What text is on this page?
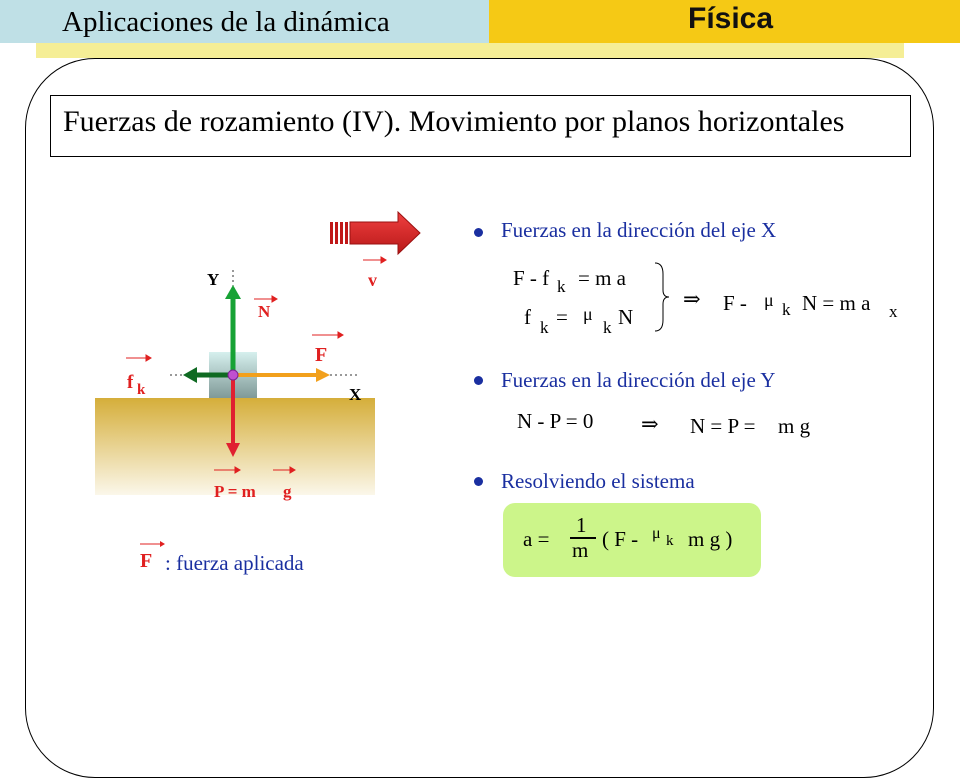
Aplicaciones de la dinámica	Física
Fuerzas de rozamiento (IV). Movimiento por planos horizontales
Y
X
v
N
F
f k
P = m g
F : fuerza aplicada
Fuerzas en la dirección del eje X
F - f k = m a
f k = μ
k N
⇒ F - μ k N = m a x
Fuerzas en la dirección del eje Y
N - P = 0 ⇒ N = P = m g
Resolviendo el sistema
a =
1
m ( F - μ k m g )
